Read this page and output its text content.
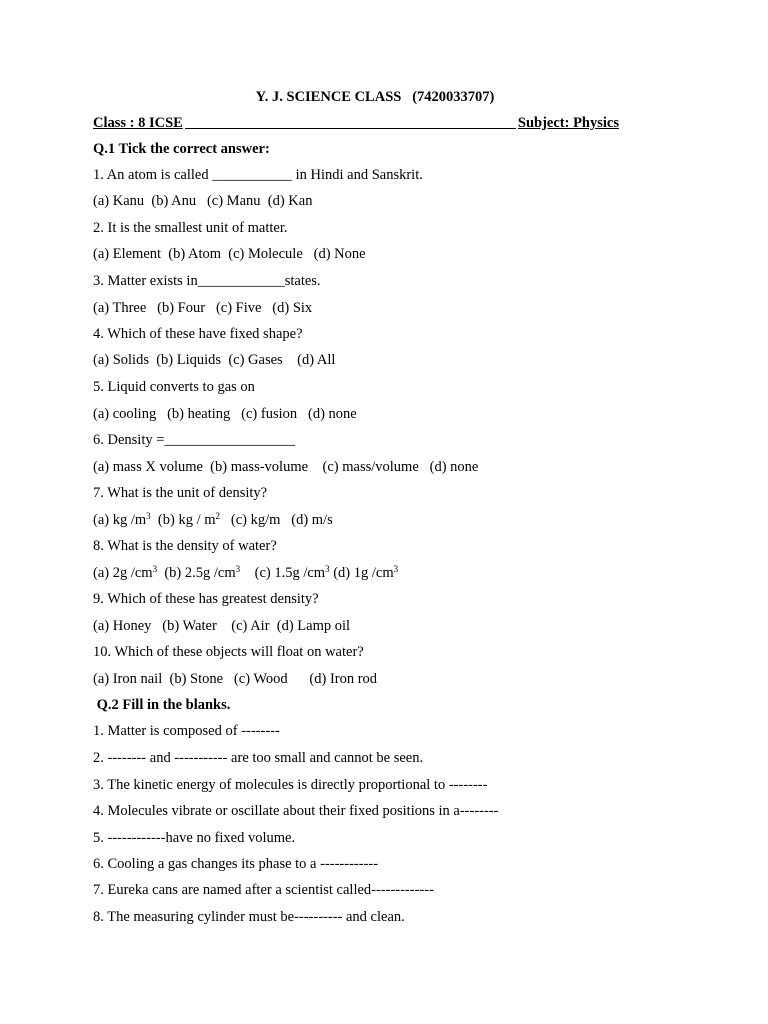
Y. J. SCIENCE CLASS   (7420033707)
Class : 8 ICSE	Subject: Physics
Q.1 Tick the correct answer:
1. An atom is called ___________ in Hindi and Sanskrit.
(a) Kanu  (b) Anu   (c) Manu  (d) Kan
2. It is the smallest unit of matter.
(a) Element  (b) Atom  (c) Molecule   (d) None
3. Matter exists in____________states.
(a) Three   (b) Four   (c) Five   (d) Six
4. Which of these have fixed shape?
(a) Solids  (b) Liquids  (c) Gases    (d) All
5. Liquid converts to gas on
(a) cooling   (b) heating   (c) fusion   (d) none
6. Density =__________________
(a) mass X volume  (b) mass-volume    (c) mass/volume   (d) none
7. What is the unit of density?
(a) kg $/m^3$  (b) kg / $m^2$   (c) kg/m   (d) m/s
8. What is the density of water?
(a) 2g $/cm^3$  (b) 2.5g $/cm^3$    (c) 1.5g $/cm^3$ (d) 1g $/cm^3$
9. Which of these has greatest density?
(a) Honey   (b) Water    (c) Air  (d) Lamp oil
10. Which of these objects will float on water?
(a) Iron nail  (b) Stone   (c) Wood      (d) Iron rod
Q.2 Fill in the blanks.
1. Matter is composed of --------
2. -------- and ----------- are too small and cannot be seen.
3. The kinetic energy of molecules is directly proportional to --------
4. Molecules vibrate or oscillate about their fixed positions in a--------
5. ------------have no fixed volume.
6. Cooling a gas changes its phase to a ------------
7. Eureka cans are named after a scientist called-------------
8. The measuring cylinder must be---------- and clean.
